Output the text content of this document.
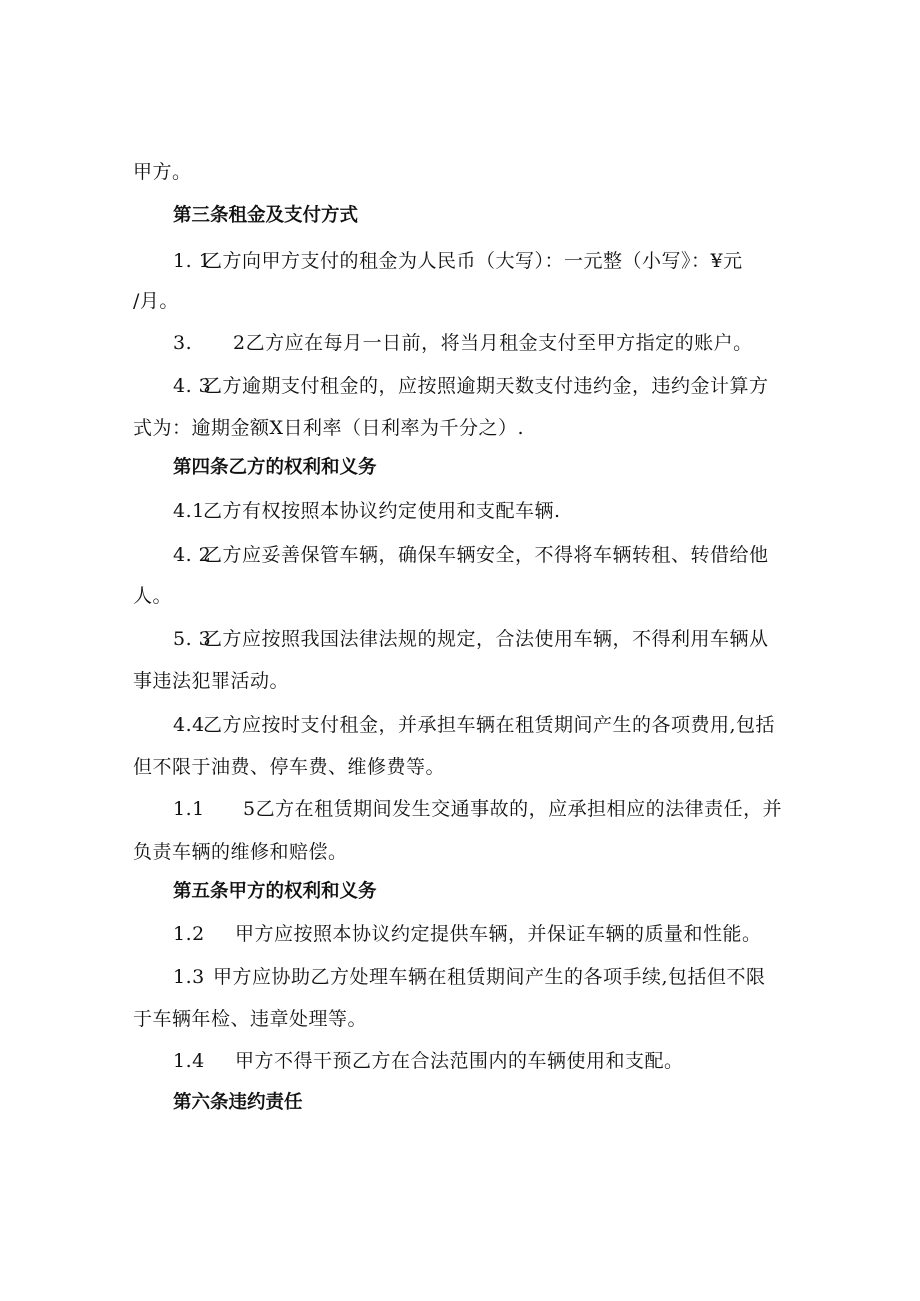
甲方。
第三条租金及支付方式
1. 1乙方向甲方支付的租金为人民币（大写）：一元整（小写》：¥元
/月。
3. 2乙方应在每月一日前，将当月租金支付至甲方指定的账户。
4. 3乙方逾期支付租金的，应按照逾期天数支付违约金，违约金计算方
式为：逾期金额X日利率（日利率为千分之）.
第四条乙方的权利和义务
4.1乙方有权按照本协议约定使用和支配车辆.
4. 2乙方应妥善保管车辆，确保车辆安全，不得将车辆转租、转借给他
人。
5. 3乙方应按照我国法律法规的规定，合法使用车辆，不得利用车辆从
事违法犯罪活动。
4.4乙方应按时支付租金，并承担车辆在租赁期间产生的各项费用,包括
但不限于油费、停车费、维修费等。
1.1 5乙方在租赁期间发生交通事故的，应承担相应的法律责任，并
负责车辆的维修和赔偿。
第五条甲方的权利和义务
1.2 甲方应按照本协议约定提供车辆，并保证车辆的质量和性能。
1.3 甲方应协助乙方处理车辆在租赁期间产生的各项手续,包括但不限
于车辆年检、违章处理等。
1.4 甲方不得干预乙方在合法范围内的车辆使用和支配。
第六条违约责任
